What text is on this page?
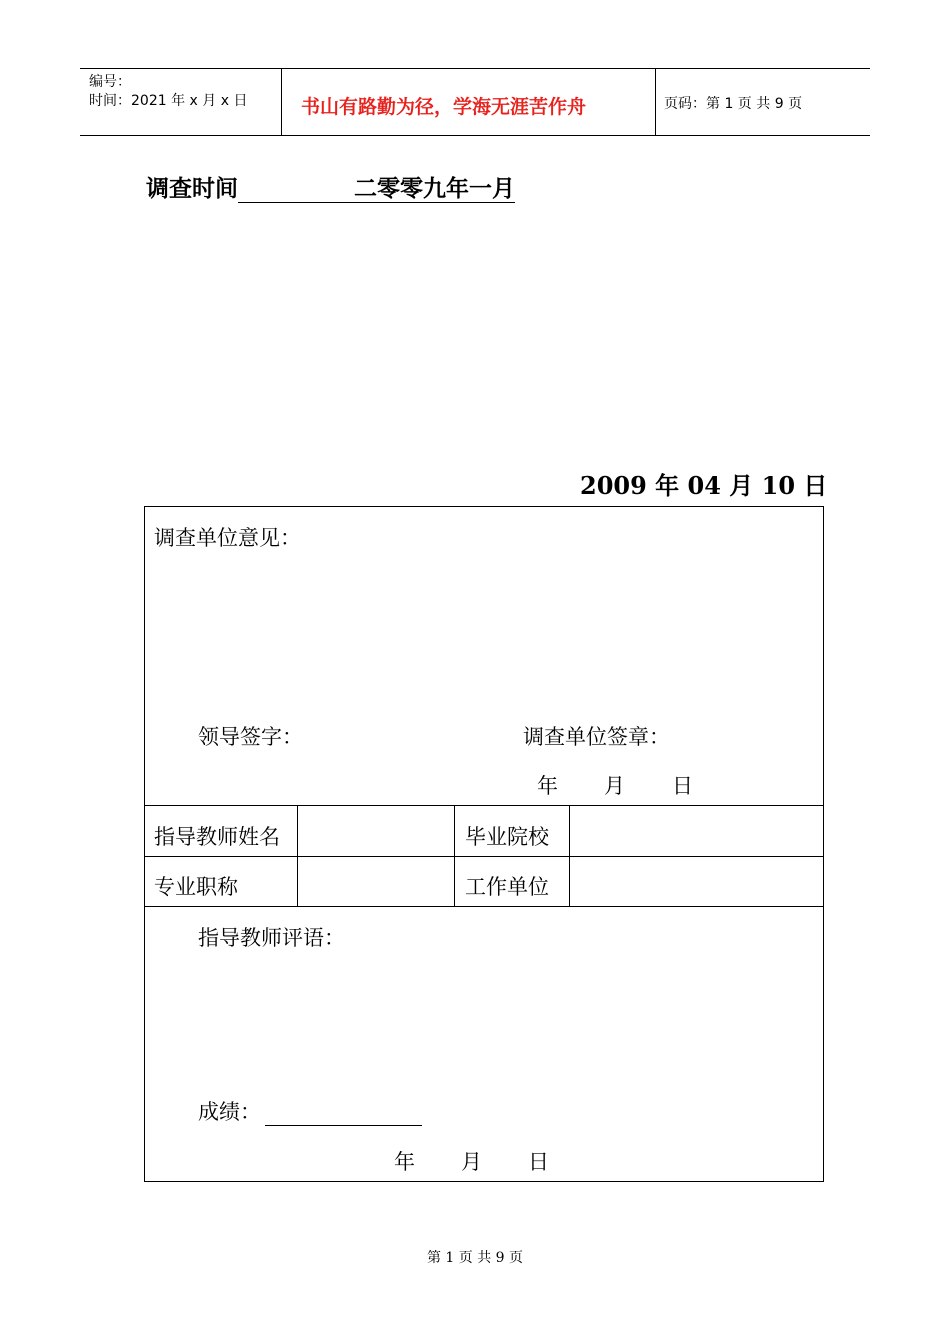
编号：
时间：2021 年 x 月 x 日	书山有路勤为径，学海无涯苦作舟	页码：第 1 页 共 9 页
调查时间	二零零九年一月
2009 年 04 月 10 日
调查单位意见：
领导签字：	调查单位签章：
年 月 日
指导教师姓名	毕业院校
专业职称	工作单位
指导教师评语：
成绩：
年 月 日
第 1 页 共 9 页
